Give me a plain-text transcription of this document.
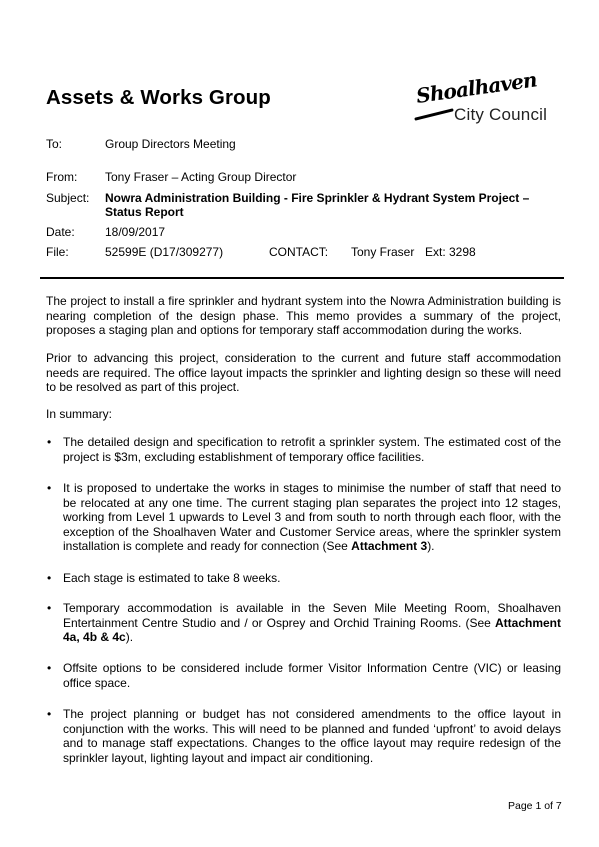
Assets & Works Group	Shoalhaven
City Council
To:	Group Directors Meeting
From:	Tony Fraser – Acting Group Director
Subject:	Nowra Administration Building - Fire Sprinkler & Hydrant System Project – Status Report
Date:	18/09/2017
File:	52599E (D17/309277)	CONTACT: Tony Fraser Ext: 3298
The project to install a fire sprinkler and hydrant system into the Nowra Administration building is nearing completion of the design phase. This memo provides a summary of the project, proposes a staging plan and options for temporary staff accommodation during the works.
Prior to advancing this project, consideration to the current and future staff accommodation needs are required. The office layout impacts the sprinkler and lighting design so these will need to be resolved as part of this project.
In summary:
• The detailed design and specification to retrofit a sprinkler system. The estimated cost of the project is $3m, excluding establishment of temporary office facilities.
• It is proposed to undertake the works in stages to minimise the number of staff that need to be relocated at any one time. The current staging plan separates the project into 12 stages, working from Level 1 upwards to Level 3 and from south to north through each floor, with the exception of the Shoalhaven Water and Customer Service areas, where the sprinkler system installation is complete and ready for connection (See Attachment 3).
• Each stage is estimated to take 8 weeks.
• Temporary accommodation is available in the Seven Mile Meeting Room, Shoalhaven Entertainment Centre Studio and / or Osprey and Orchid Training Rooms. (See Attachment 4a, 4b & 4c).
• Offsite options to be considered include former Visitor Information Centre (VIC) or leasing office space.
• The project planning or budget has not considered amendments to the office layout in conjunction with the works. This will need to be planned and funded ‘upfront’ to avoid delays and to manage staff expectations. Changes to the office layout may require redesign of the sprinkler layout, lighting layout and impact air conditioning.
Page 1 of 7
